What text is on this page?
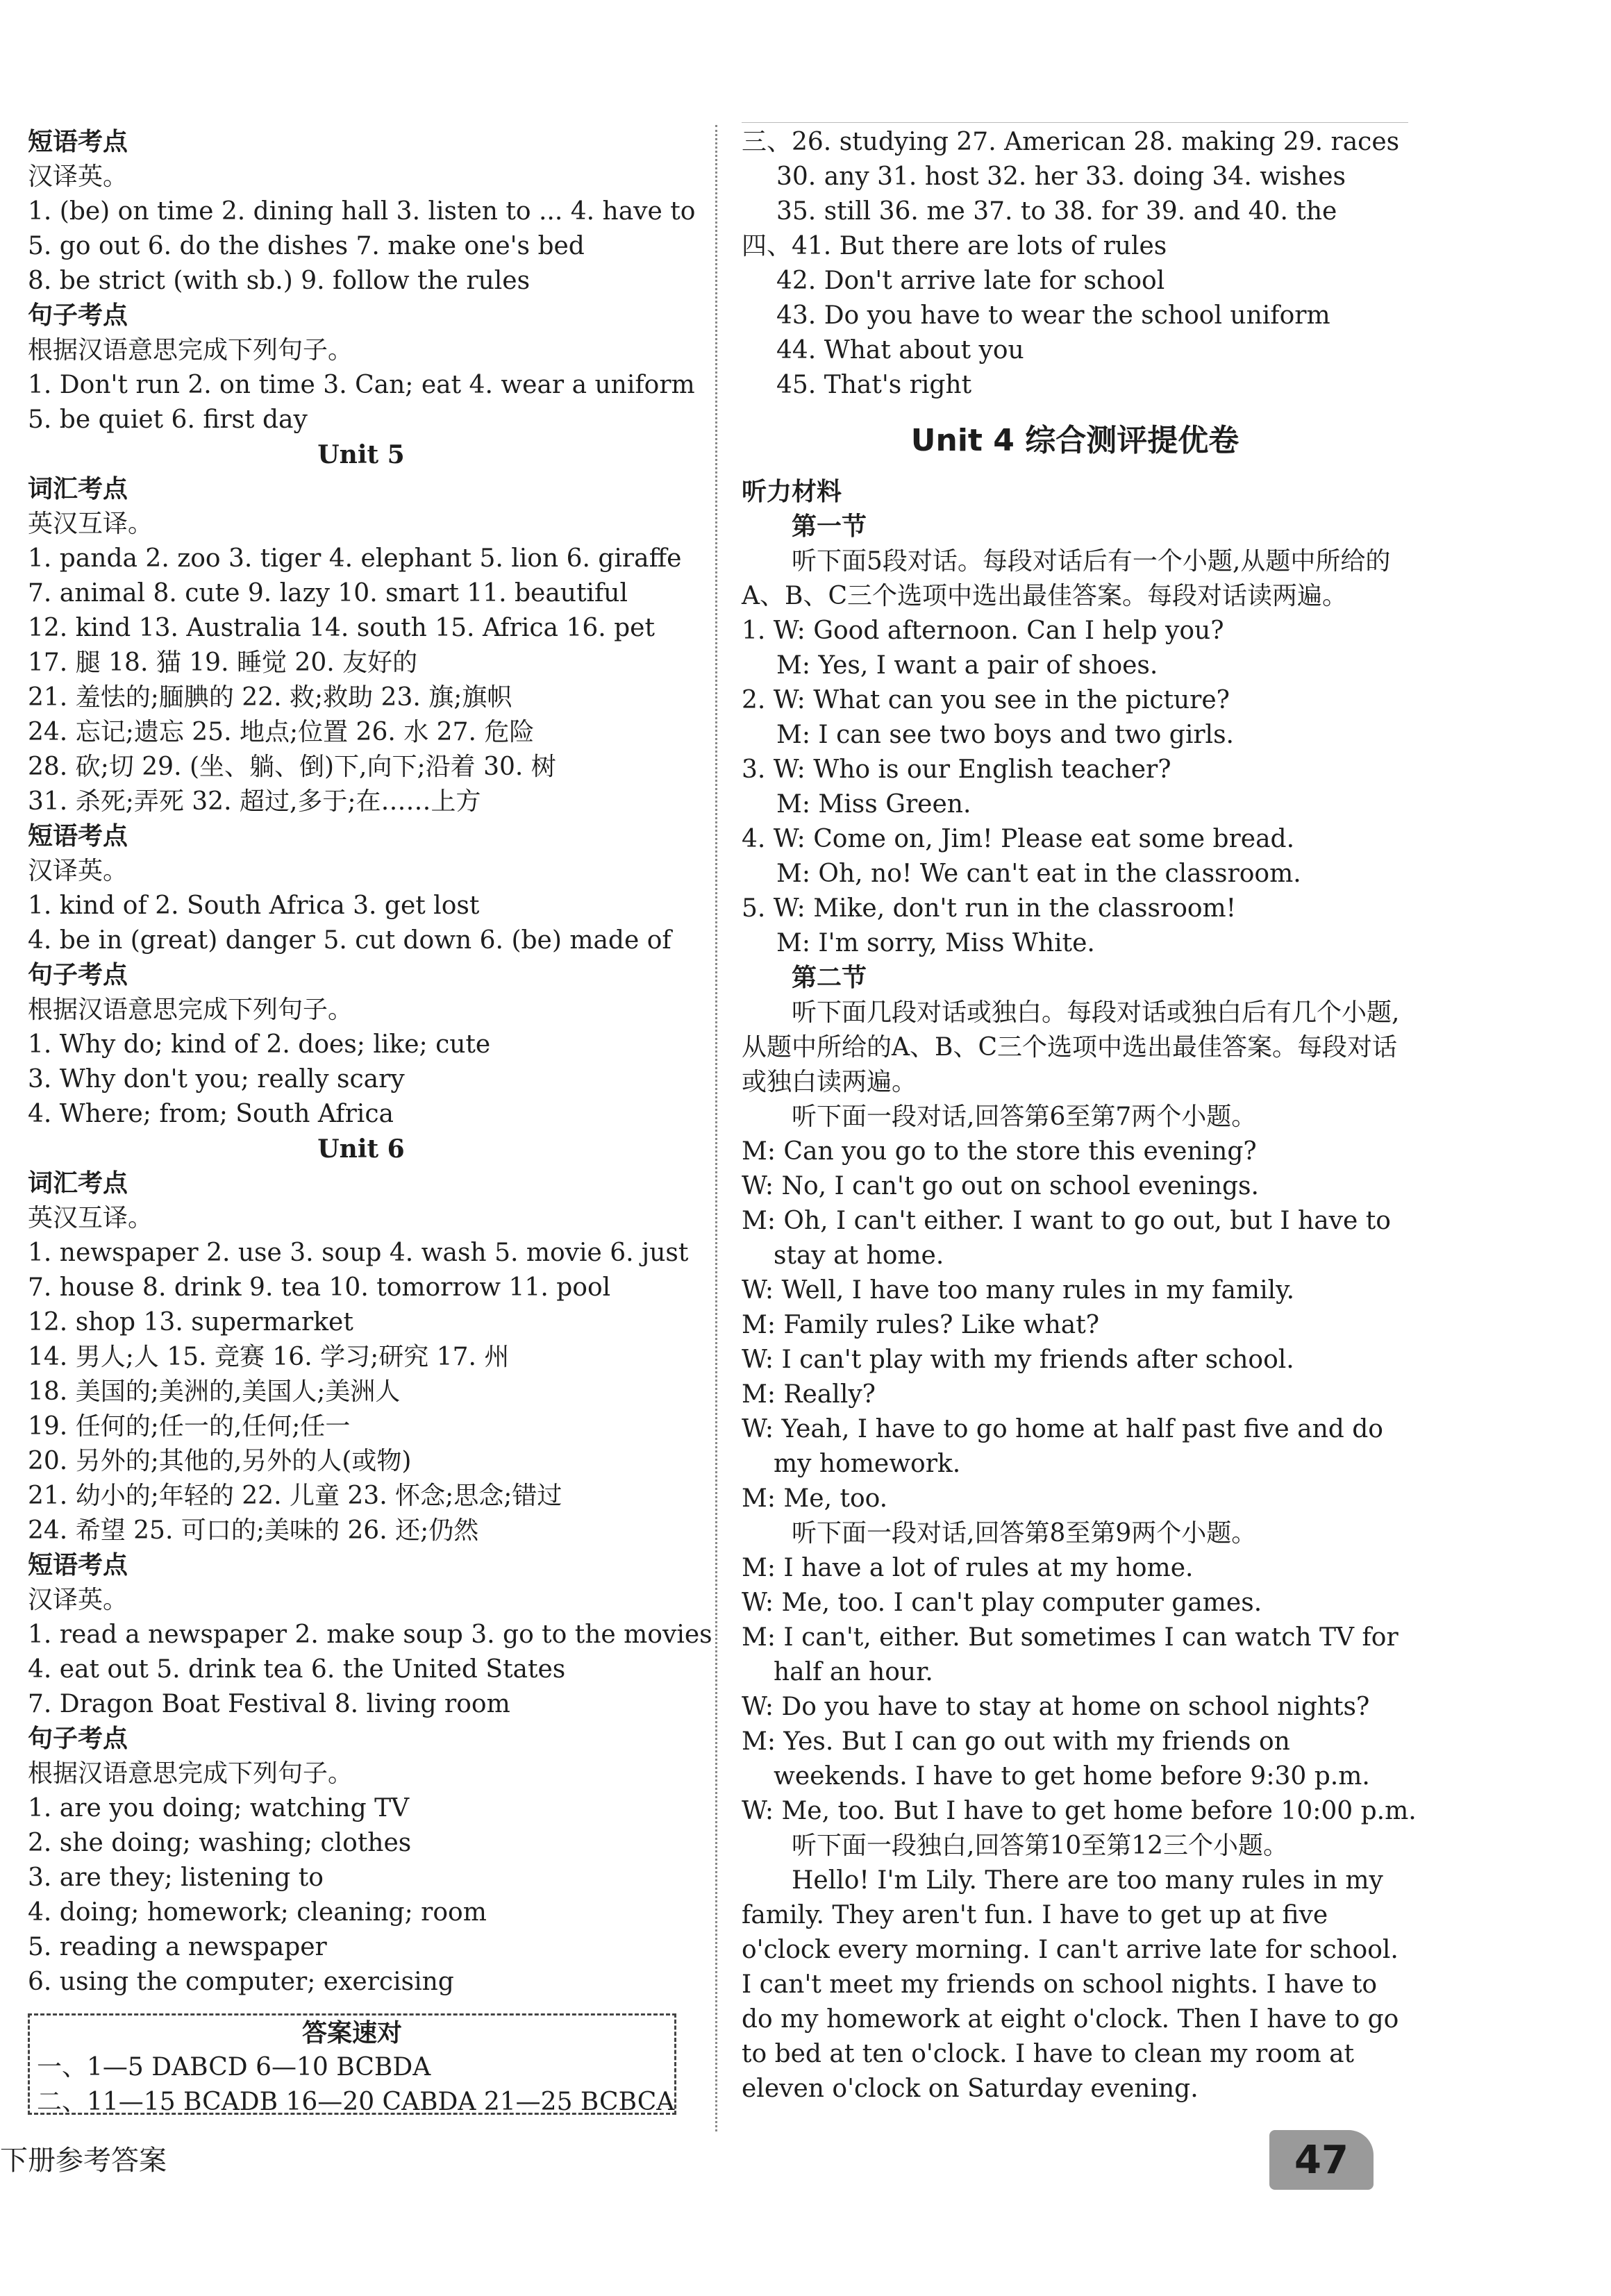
短语考点
汉译英。
1. (be) on time 2. dining hall 3. listen to ... 4. have to
5. go out 6. do the dishes 7. make one's bed
8. be strict (with sb.) 9. follow the rules
句子考点
根据汉语意思完成下列句子。
1. Don't run 2. on time 3. Can; eat 4. wear a uniform
5. be quiet 6. first day
Unit 5
词汇考点
英汉互译。
1. panda 2. zoo 3. tiger 4. elephant 5. lion 6. giraffe
7. animal 8. cute 9. lazy 10. smart 11. beautiful
12. kind 13. Australia 14. south 15. Africa 16. pet
17. 腿 18. 猫 19. 睡觉 20. 友好的
21. 羞怯的;腼腆的 22. 救;救助 23. 旗;旗帜
24. 忘记;遗忘 25. 地点;位置 26. 水 27. 危险
28. 砍;切 29. (坐、躺、倒)下,向下;沿着 30. 树
31. 杀死;弄死 32. 超过,多于;在……上方
短语考点
汉译英。
1. kind of 2. South Africa 3. get lost
4. be in (great) danger 5. cut down 6. (be) made of
句子考点
根据汉语意思完成下列句子。
1. Why do; kind of 2. does; like; cute
3. Why don't you; really scary
4. Where; from; South Africa
Unit 6
词汇考点
英汉互译。
1. newspaper 2. use 3. soup 4. wash 5. movie 6. just
7. house 8. drink 9. tea 10. tomorrow 11. pool
12. shop 13. supermarket
14. 男人;人 15. 竞赛 16. 学习;研究 17. 州
18. 美国的;美洲的,美国人;美洲人
19. 任何的;任一的,任何;任一
20. 另外的;其他的,另外的人(或物)
21. 幼小的;年轻的 22. 儿童 23. 怀念;思念;错过
24. 希望 25. 可口的;美味的 26. 还;仍然
短语考点
汉译英。
1. read a newspaper 2. make soup 3. go to the movies
4. eat out 5. drink tea 6. the United States
7. Dragon Boat Festival 8. living room
句子考点
根据汉语意思完成下列句子。
1. are you doing; watching TV
2. she doing; washing; clothes
3. are they; listening to
4. doing; homework; cleaning; room
5. reading a newspaper
6. using the computer; exercising
答案速对
一、1—5 DABCD 6—10 BCBDA
二、11—15 BCADB 16—20 CABDA 21—25 BCBCA
三、26. studying 27. American 28. making 29. races
30. any 31. host 32. her 33. doing 34. wishes
35. still 36. me 37. to 38. for 39. and 40. the
四、41. But there are lots of rules
42. Don't arrive late for school
43. Do you have to wear the school uniform
44. What about you
45. That's right
Unit 4 综合测评提优卷
听力材料
第一节
听下面5段对话。每段对话后有一个小题,从题中所给的A、B、C三个选项中选出最佳答案。每段对话读两遍。
1. W: Good afternoon. Can I help you?
M: Yes, I want a pair of shoes.
2. W: What can you see in the picture?
M: I can see two boys and two girls.
3. W: Who is our English teacher?
M: Miss Green.
4. W: Come on, Jim! Please eat some bread.
M: Oh, no! We can't eat in the classroom.
5. W: Mike, don't run in the classroom!
M: I'm sorry, Miss White.
第二节
听下面几段对话或独白。每段对话或独白后有几个小题,从题中所给的A、B、C三个选项中选出最佳答案。每段对话或独白读两遍。
听下面一段对话,回答第6至第7两个小题。
M: Can you go to the store this evening?
W: No, I can't go out on school evenings.
M: Oh, I can't either. I want to go out, but I have to stay at home.
W: Well, I have too many rules in my family.
M: Family rules? Like what?
W: I can't play with my friends after school.
M: Really?
W: Yeah, I have to go home at half past five and do my homework.
M: Me, too.
听下面一段对话,回答第8至第9两个小题。
M: I have a lot of rules at my home.
W: Me, too. I can't play computer games.
M: I can't, either. But sometimes I can watch TV for half an hour.
W: Do you have to stay at home on school nights?
M: Yes. But I can go out with my friends on weekends. I have to get home before 9:30 p.m.
W: Me, too. But I have to get home before 10:00 p.m.
听下面一段独白,回答第10至第12三个小题。
Hello! I'm Lily. There are too many rules in my family. They aren't fun. I have to get up at five o'clock every morning. I can't arrive late for school. I can't meet my friends on school nights. I have to do my homework at eight o'clock. Then I have to go to bed at ten o'clock. I have to clean my room at eleven o'clock on Saturday evening.
下册参考答案	47
